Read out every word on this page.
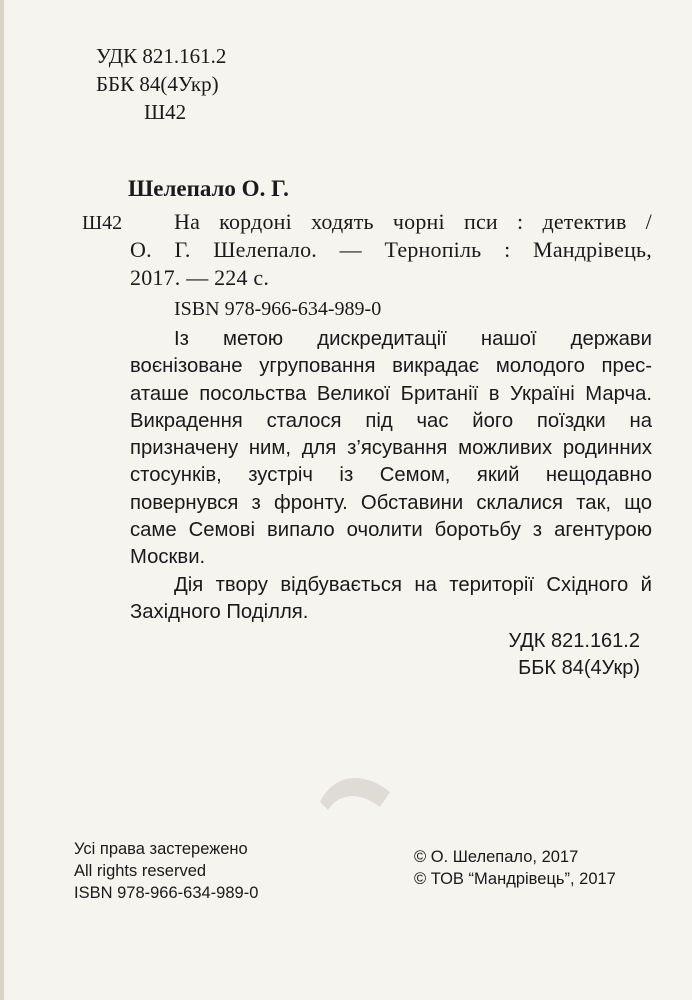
УДК 821.161.2
ББК 84(4Укр)
Ш42
Шелепало О. Г.
Ш42	На кордоні ходять чорні пси : детектив /
О. Г. Шелепало. — Тернопіль : Мандрівець,
2017. — 224 с.
ISBN 978-966-634-989-0

Із метою дискредитації нашої держави воєнізоване угруповання викрадає молодого прес-аташе посольства Великої Британії в Україні Марча. Викрадення сталося під час його поїздки на призначену ним, для з’ясування можливих родинних стосунків, зустріч із Семом, який нещодавно повернувся з фронту. Обставини склалися так, що саме Семові випало очолити боротьбу з агентурою Москви.

Дія твору відбувається на території Східного й Західного Поділля.

УДК 821.161.2
ББК 84(4Укр)
Усі права застережено
All rights reserved
ISBN 978-966-634-989-0
© О. Шелепало, 2017
© ТОВ “Мандрівець”, 2017
